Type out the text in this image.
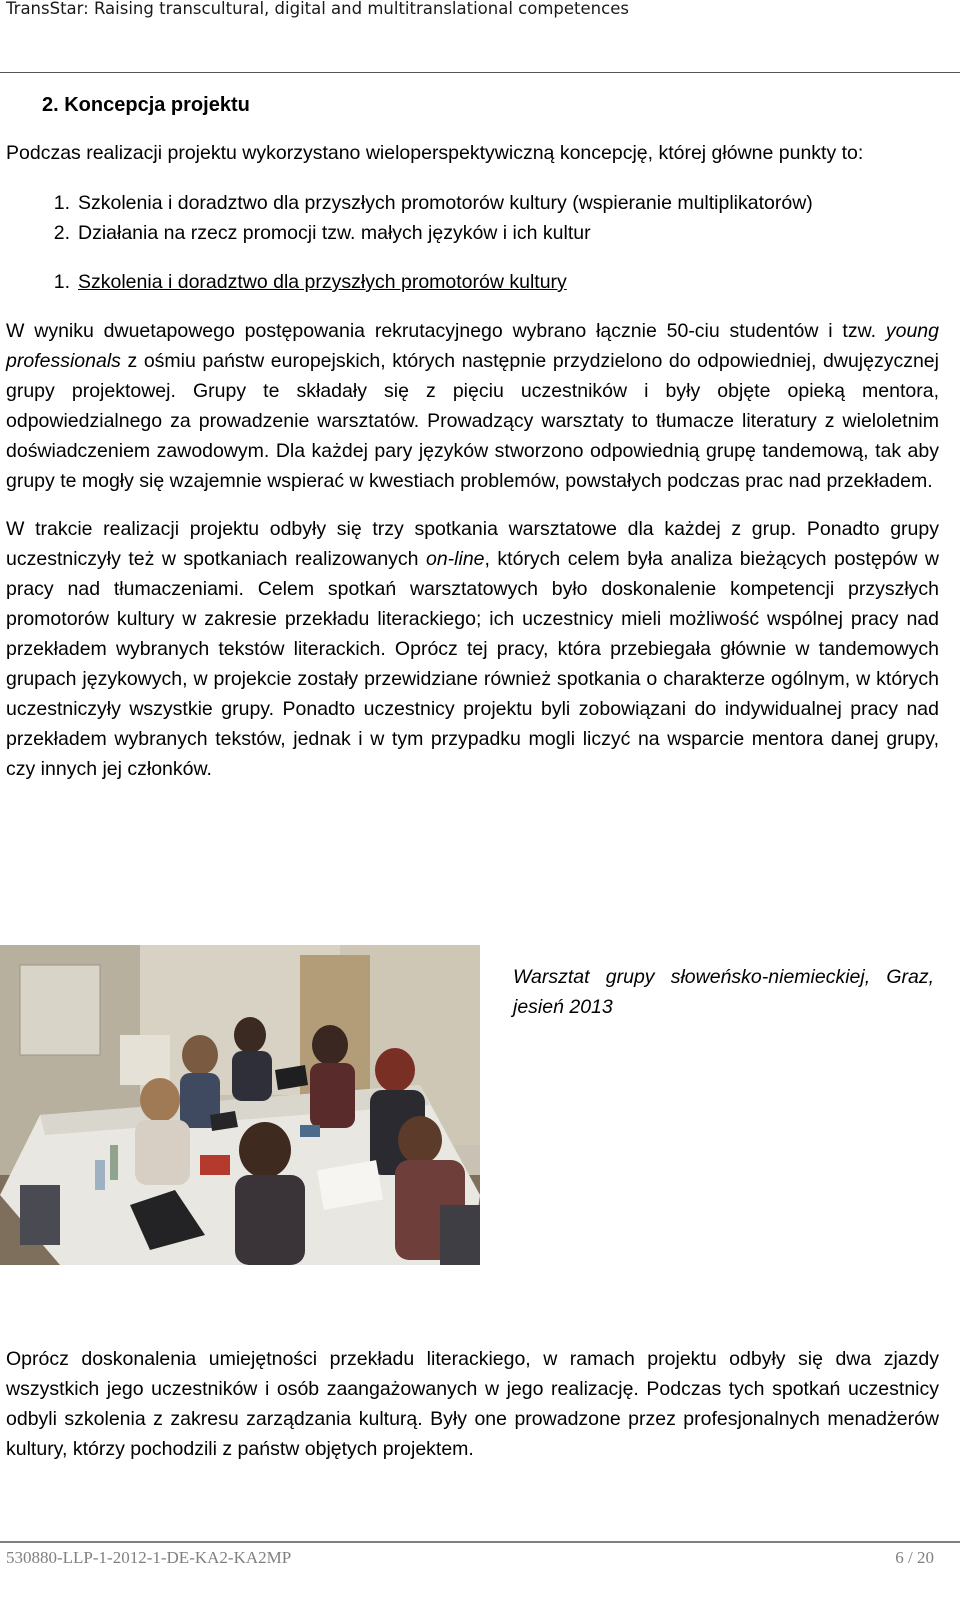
TransStar: Raising transcultural, digital and multitranslational competences
2. Koncepcja projektu

Podczas realizacji projektu wykorzystano wieloperspektywiczną koncepcję, której główne punkty to:

1. Szkolenia i doradztwo dla przyszłych promotorów kultury (wspieranie multiplikatorów)
2. Działania na rzecz promocji tzw. małych języków i ich kultur
1. Szkolenia i doradztwo dla przyszłych promotorów kultury

W wyniku dwuetapowego postępowania rekrutacyjnego wybrano łącznie 50-ciu studentów i tzw. young professionals z ośmiu państw europejskich, których następnie przydzielono do odpowiedniej, dwujęzycznej grupy projektowej. Grupy te składały się z pięciu uczestników i były objęte opieką mentora, odpowiedzialnego za prowadzenie warsztatów. Prowadzący warsztaty to tłumacze literatury z wieloletnim doświadczeniem zawodowym. Dla każdej pary języków stworzono odpowiednią grupę tandemową, tak aby grupy te mogły się wzajemnie wspierać w kwestiach problemów, powstałych podczas prac nad przekładem.

W trakcie realizacji projektu odbyły się trzy spotkania warsztatowe dla każdej z grup. Ponadto grupy uczestniczyły też w spotkaniach realizowanych on-line, których celem była analiza bieżących postępów w pracy nad tłumaczeniami. Celem spotkań warsztatowych było doskonalenie kompetencji przyszłych promotorów kultury w zakresie przekładu literackiego; ich uczestnicy mieli możliwość wspólnej pracy nad przekładem wybranych tekstów literackich. Oprócz tej pracy, która przebiegała głównie w tandemowych grupach językowych, w projekcie zostały przewidziane również spotkania o charakterze ogólnym, w których uczestniczyły wszystkie grupy. Ponadto uczestnicy projektu byli zobowiązani do indywidualnej pracy nad przekładem wybranych tekstów, jednak i w tym przypadku mogli liczyć na wsparcie mentora danej grupy, czy innych jej członków.

Warsztat grupy słoweńsko-niemieckiej, Graz, jesień 2013

Oprócz doskonalenia umiejętności przekładu literackiego, w ramach projektu odbyły się dwa zjazdy wszystkich jego uczestników i osób zaangażowanych w jego realizację. Podczas tych spotkań uczestnicy odbyli szkolenia z zakresu zarządzania kulturą. Były one prowadzone przez profesjonalnych menadżerów kultury, którzy pochodzili z państw objętych projektem.

530880-LLP-1-2012-1-DE-KA2-KA2MP	6 / 20
